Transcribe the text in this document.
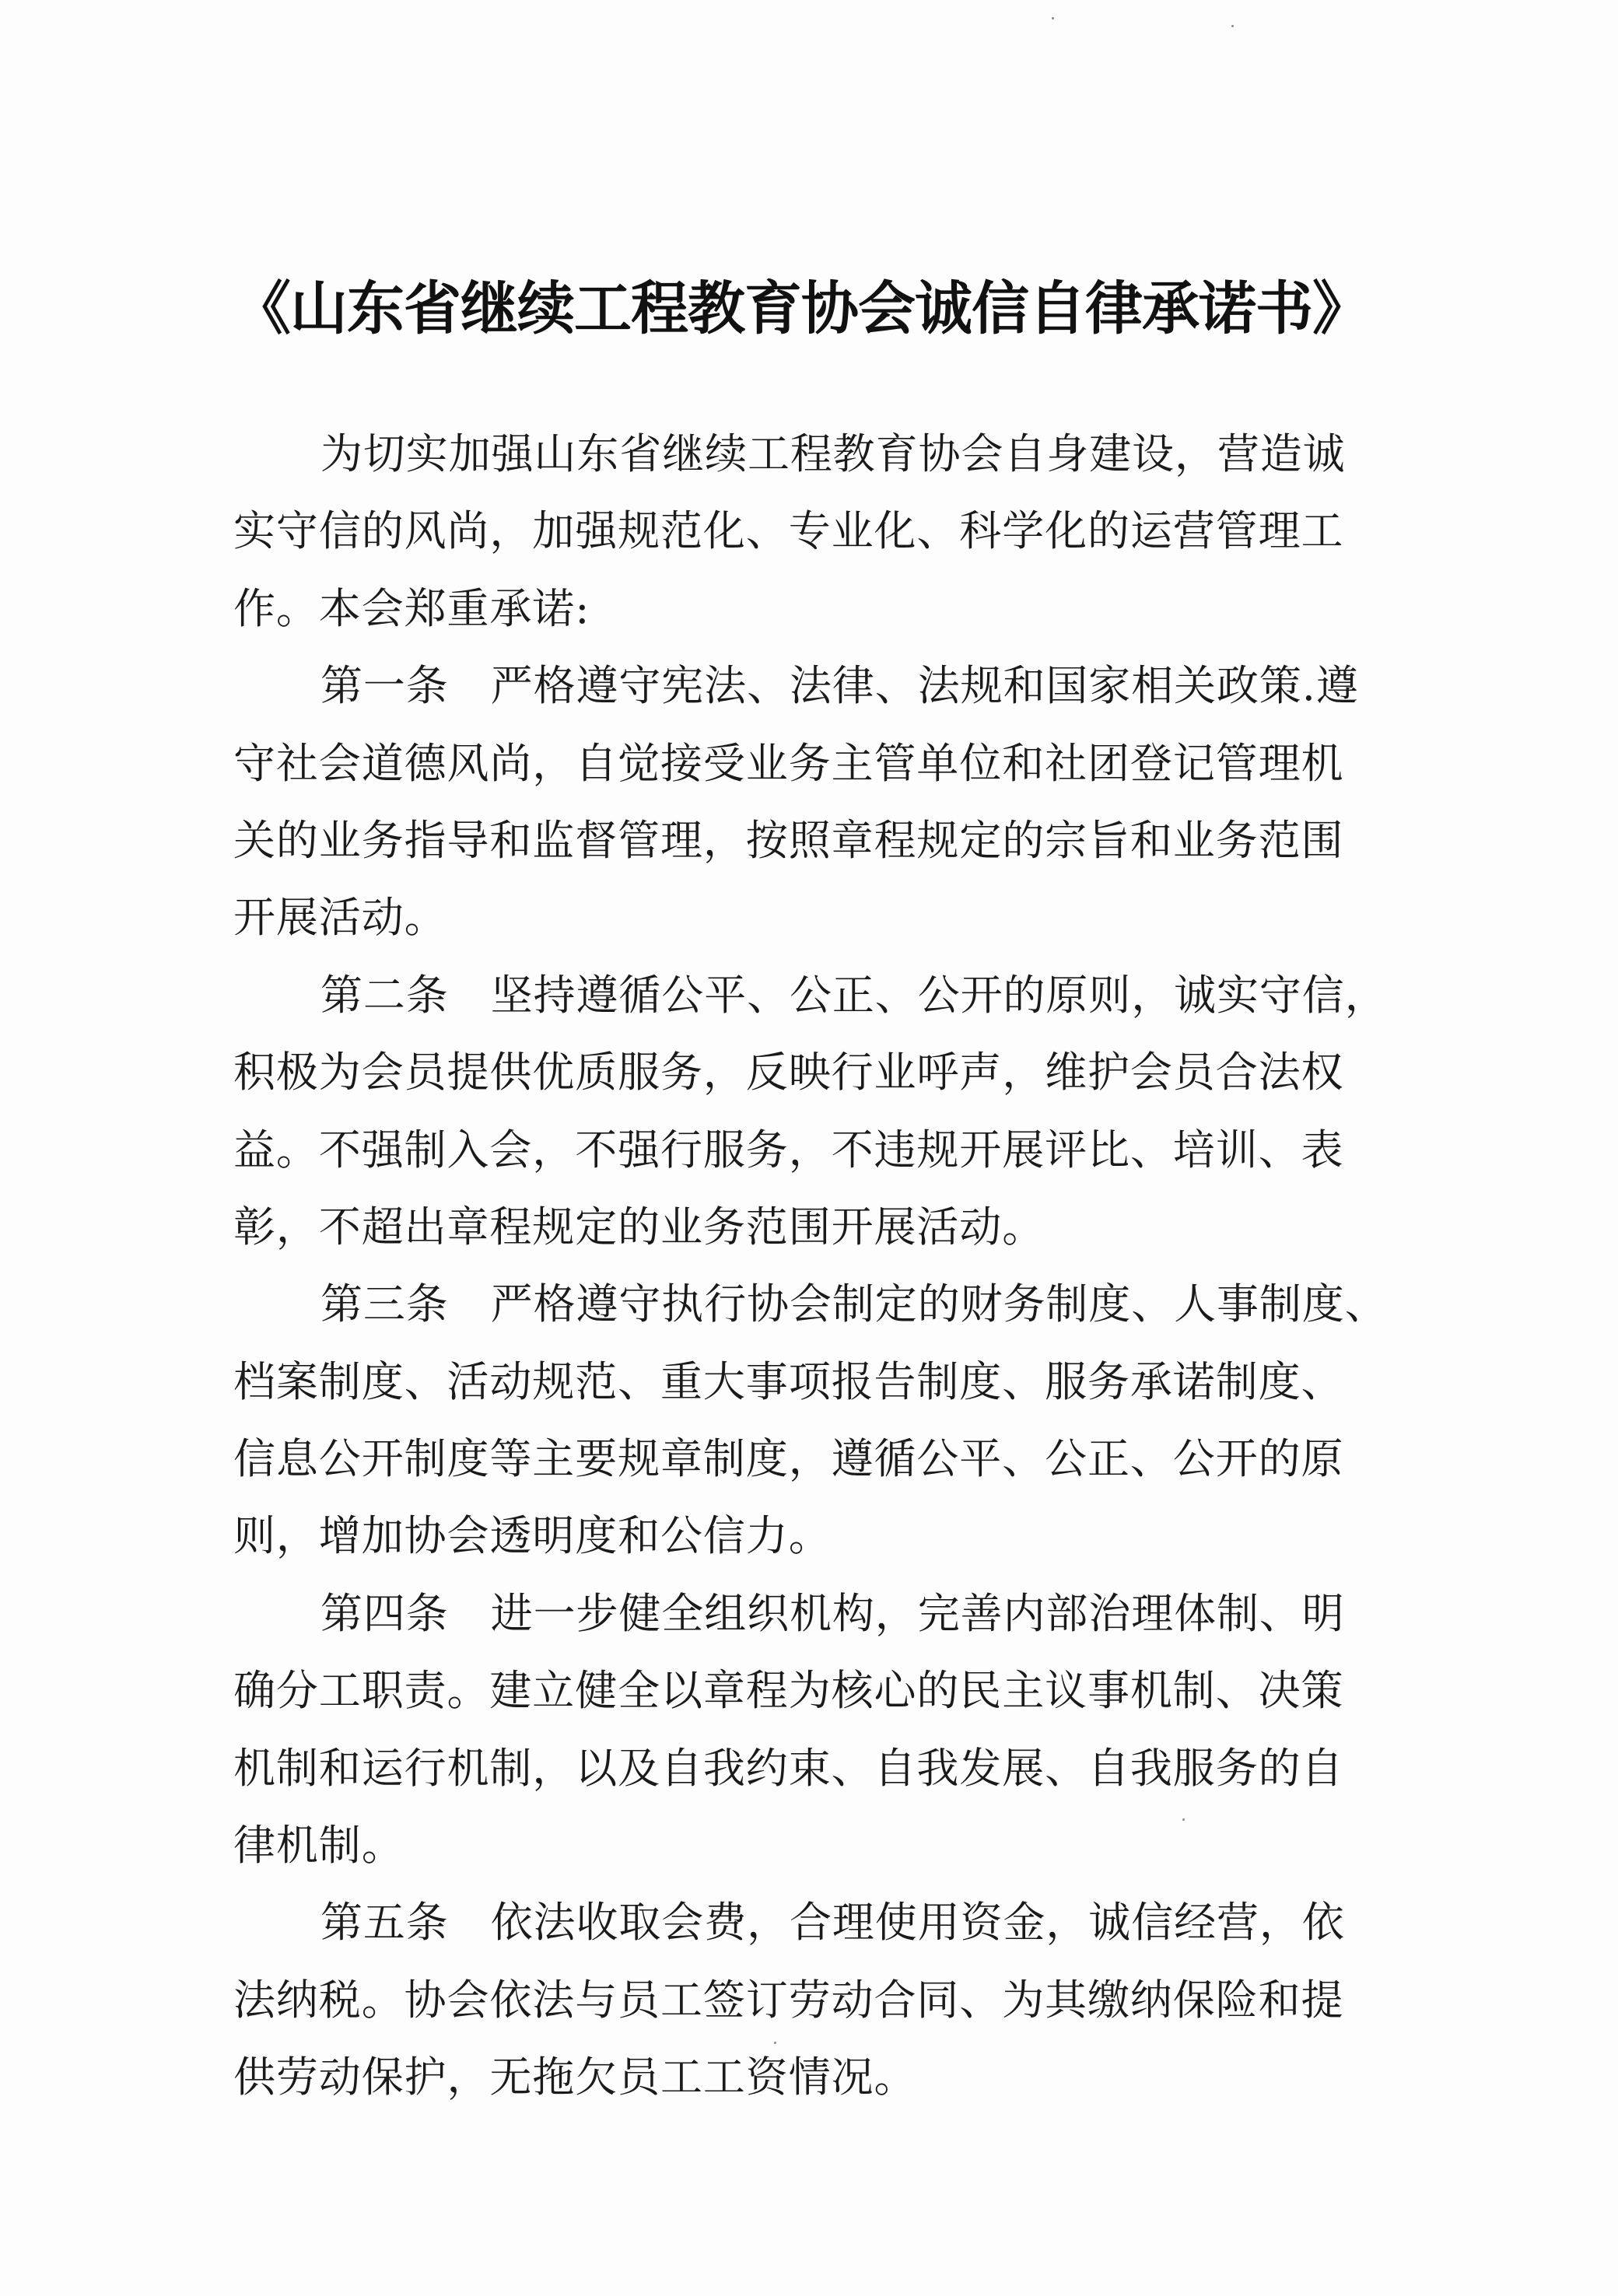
《山东省继续工程教育协会诚信自律承诺书》
为切实加强山东省继续工程教育协会自身建设，营造诚
实守信的风尚，加强规范化、专业化、科学化的运营管理工
作。本会郑重承诺:
第一条 严格遵守宪法、法律、法规和国家相关政策.遵
守社会道德风尚，自觉接受业务主管单位和社团登记管理机
关的业务指导和监督管理，按照章程规定的宗旨和业务范围
开展活动。
第二条 坚持遵循公平、公正、公开的原则，诚实守信，
积极为会员提供优质服务，反映行业呼声，维护会员合法权
益。不强制入会，不强行服务，不违规开展评比、培训、表
彰，不超出章程规定的业务范围开展活动。
第三条 严格遵守执行协会制定的财务制度、人事制度、
档案制度、活动规范、重大事项报告制度、服务承诺制度、
信息公开制度等主要规章制度，遵循公平、公正、公开的原
则，增加协会透明度和公信力。
第四条 进一步健全组织机构，完善内部治理体制、明
确分工职责。建立健全以章程为核心的民主议事机制、决策
机制和运行机制，以及自我约束、自我发展、自我服务的自
律机制。
第五条 依法收取会费，合理使用资金，诚信经营，依
法纳税。协会依法与员工签订劳动合同、为其缴纳保险和提
供劳动保护，无拖欠员工工资情况。
